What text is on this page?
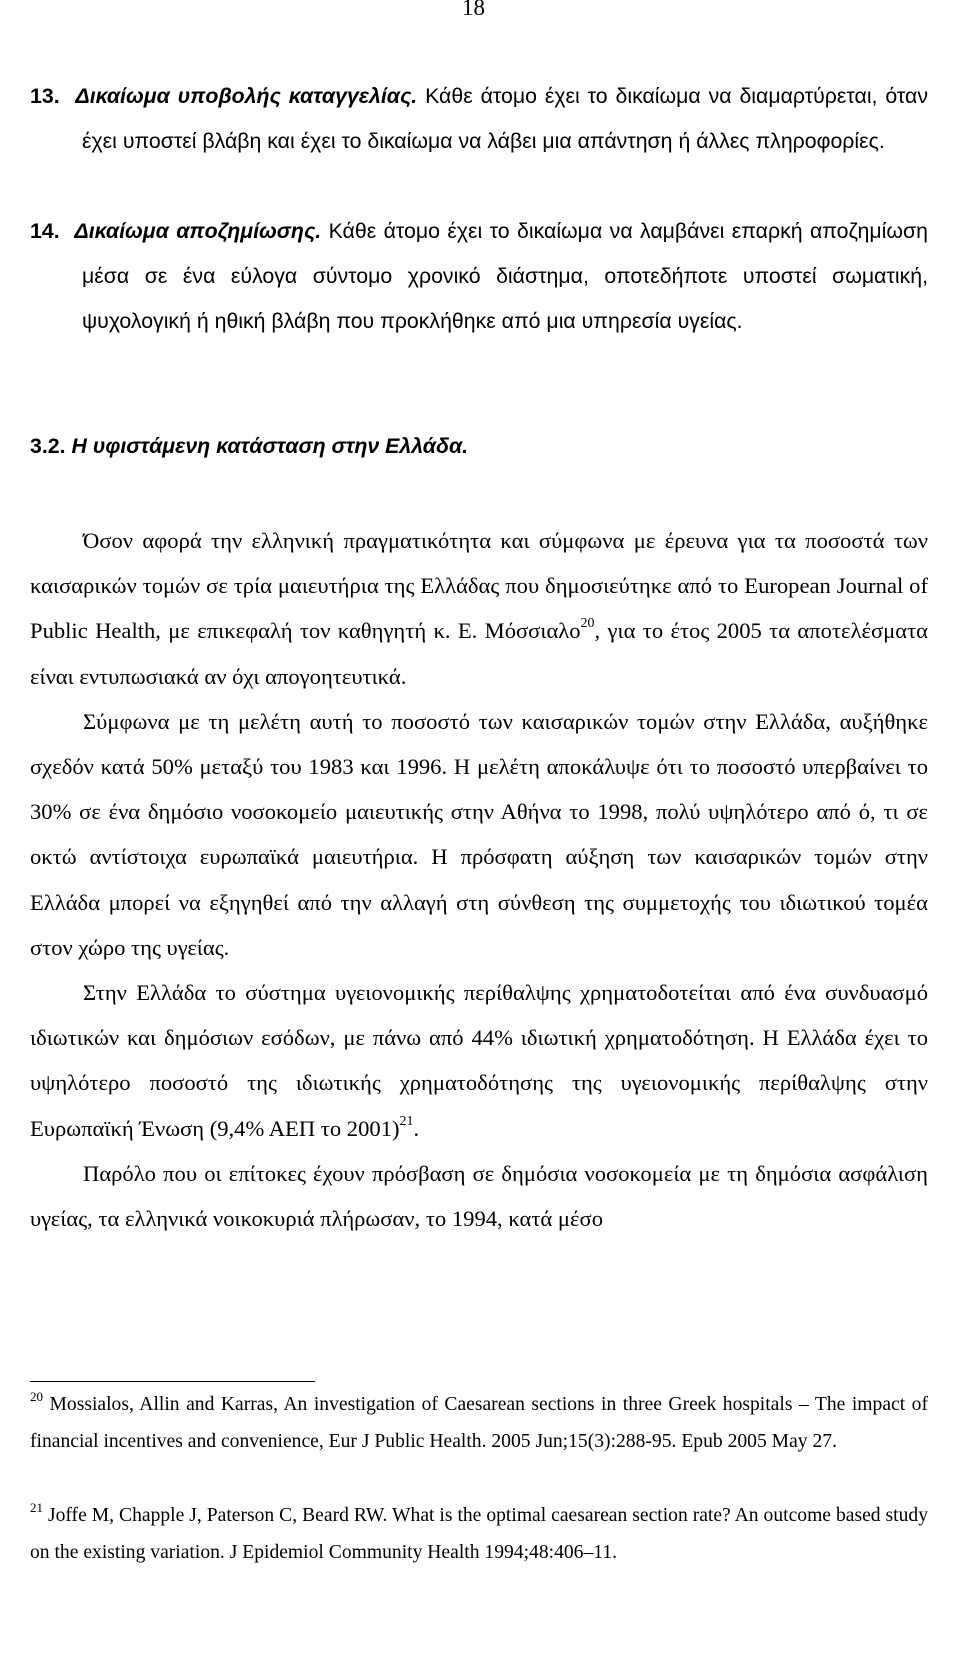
18

13. Δικαίωμα υποβολής καταγγελίας. Κάθε άτομο έχει το δικαίωμα να διαμαρτύρεται, όταν έχει υποστεί βλάβη και έχει το δικαίωμα να λάβει μια απάντηση ή άλλες πληροφορίες.

14. Δικαίωμα αποζημίωσης. Κάθε άτομο έχει το δικαίωμα να λαμβάνει επαρκή αποζημίωση μέσα σε ένα εύλογα σύντομο χρονικό διάστημα, οποτεδήποτε υποστεί σωματική, ψυχολογική ή ηθική βλάβη που προκλήθηκε από μια υπηρεσία υγείας.

3.2. Η υφιστάμενη κατάσταση στην Ελλάδα.

Όσον αφορά την ελληνική πραγματικότητα και σύμφωνα με έρευνα για τα ποσοστά των καισαρικών τομών σε τρία μαιευτήρια της Ελλάδας που δημοσιεύτηκε από το European Journal of Public Health, με επικεφαλή τον καθηγητή κ. Ε. Μόσσιαλο$^{20}$, για το έτος 2005 τα αποτελέσματα είναι εντυπωσιακά αν όχι απογοητευτικά.

Σύμφωνα με τη μελέτη αυτή το ποσοστό των καισαρικών τομών στην Ελλάδα, αυξήθηκε σχεδόν κατά 50% μεταξύ του 1983 και 1996. Η μελέτη αποκάλυψε ότι το ποσοστό υπερβαίνει το 30% σε ένα δημόσιο νοσοκομείο μαιευτικής στην Αθήνα το 1998, πολύ υψηλότερο από ό, τι σε οκτώ αντίστοιχα ευρωπαϊκά μαιευτήρια. Η πρόσφατη αύξηση των καισαρικών τομών στην Ελλάδα μπορεί να εξηγηθεί από την αλλαγή στη σύνθεση της συμμετοχής του ιδιωτικού τομέα στον χώρο της υγείας.

Στην Ελλάδα το σύστημα υγειονομικής περίθαλψης χρηματοδοτείται από ένα συνδυασμό ιδιωτικών και δημόσιων εσόδων, με πάνω από 44% ιδιωτική χρηματοδότηση. Η Ελλάδα έχει το υψηλότερο ποσοστό της ιδιωτικής χρηματοδότησης της υγειονομικής περίθαλψης στην Ευρωπαϊκή Ένωση (9,4% ΑΕΠ το 2001)$^{21}$.

Παρόλο που οι επίτοκες έχουν πρόσβαση σε δημόσια νοσοκομεία με τη δημόσια ασφάλιση υγείας, τα ελληνικά νοικοκυριά πλήρωσαν, το 1994, κατά μέσο

$^{20}$ Mossialos, Allin and Karras, An investigation of Caesarean sections in three Greek hospitals – The impact of financial incentives and convenience, Eur J Public Health. 2005 Jun;15(3):288-95. Epub 2005 May 27.
$^{21}$ Joffe M, Chapple J, Paterson C, Beard RW. What is the optimal caesarean section rate? An outcome based study on the existing variation. J Epidemiol Community Health 1994;48:406–11.
